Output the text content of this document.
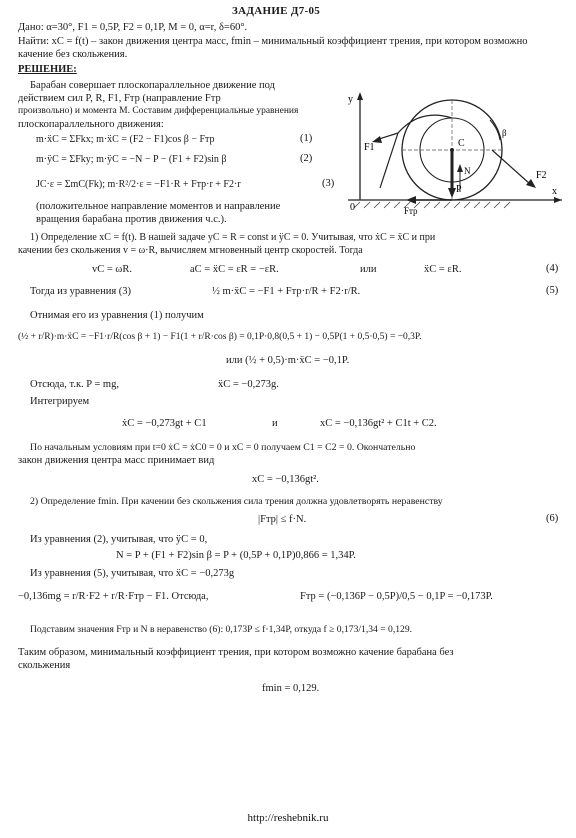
ЗАДАНИЕ Д7-05
Дано: α=30°, F1 = 0,5P, F2 = 0,1P, M = 0, α=r, δ=60°.
Найти: xC = f(t) – закон движения центра масс, fmin – минимальный коэффициент трения, при котором возможно качение без скольжения.
РЕШЕНИЕ:
Барабан совершает плоскопараллельное движение под
действием сил P, R, F1, Fтр (направление Fтр
произвольно) и момента M. Составим дифференциальные уравнения
плоскопараллельного движения:
m·ẍC = ΣFkx; m·ẍC = (F2 − F1)cos β − Fтр	(1)
m·ÿC = ΣFky; m·ÿC = −N − P − (F1 + F2)sin β	(2)
JC·ε = ΣmC(Fk); m·R²/2·ε = −F1·R + Fтр·r + F2·r	(3)
(положительное направление моментов и направление
вращения барабана против движения ч.с.).
y
x
0
P
F1
F2
Fтр
C
N
β
1) Определение xC = f(t). В нашей задаче yC = R = const и ÿC = 0. Учитывая, что ẋC = ẍC и при
качении без скольжения v = ω·R, вычисляем мгновенный центр скоростей. Тогда
vC = ωR.	aC = ẍC = εR = −εR.	или	ẍC = εR.	(4)
Тогда из уравнения (3)	½ m·ẍC = −F1 + Fтр·r/R + F2·r/R.	(5)
Отнимая его из уравнения (1) получим
(½ + r/R)·m·ẍC = −F1·r/R(cos β + 1) − F1(1 + r/R·cos β) = 0,1P·0,8(0,5 + 1) − 0,5P(1 + 0,5·0,5) = −0,3P.
или (½ + 0,5)·m·ẍC = −0,1P.
Отсюда, т.к. P = mg,	ẍC = −0,273g.
Интегрируем
ẋC = −0,273gt + C1	и	xC = −0,136gt² + C1t + C2.
По начальным условиям при t=0 ẋC = ẋC0 = 0 и xC = 0 получаем C1 = C2 = 0. Окончательно
закон движения центра масс принимает вид
xC = −0,136gt².
2) Определение fmin. При качении без скольжения сила трения должна удовлетворять неравенству
|Fтр| ≤ f·N.	(6)
Из уравнения (2), учитывая, что ÿC = 0,
N = P + (F1 + F2)sin β = P + (0,5P + 0,1P)0,866 = 1,34P.
Из уравнения (5), учитывая, что ẍC = −0,273g
−0,136mg = r/R·F2 + r/R·Fтр − F1. Отсюда,	Fтр = (−0,136P − 0,5P)/0,5 − 0,1P = −0,173P.
Подставим значения Fтр и N в неравенство (6): 0,173P ≤ f·1,34P, откуда f ≥ 0,173/1,34 = 0,129.
Таким образом, минимальный коэффициент трения, при котором возможно качение барабана без
скольжения
fmin = 0,129.
http://reshebnik.ru
